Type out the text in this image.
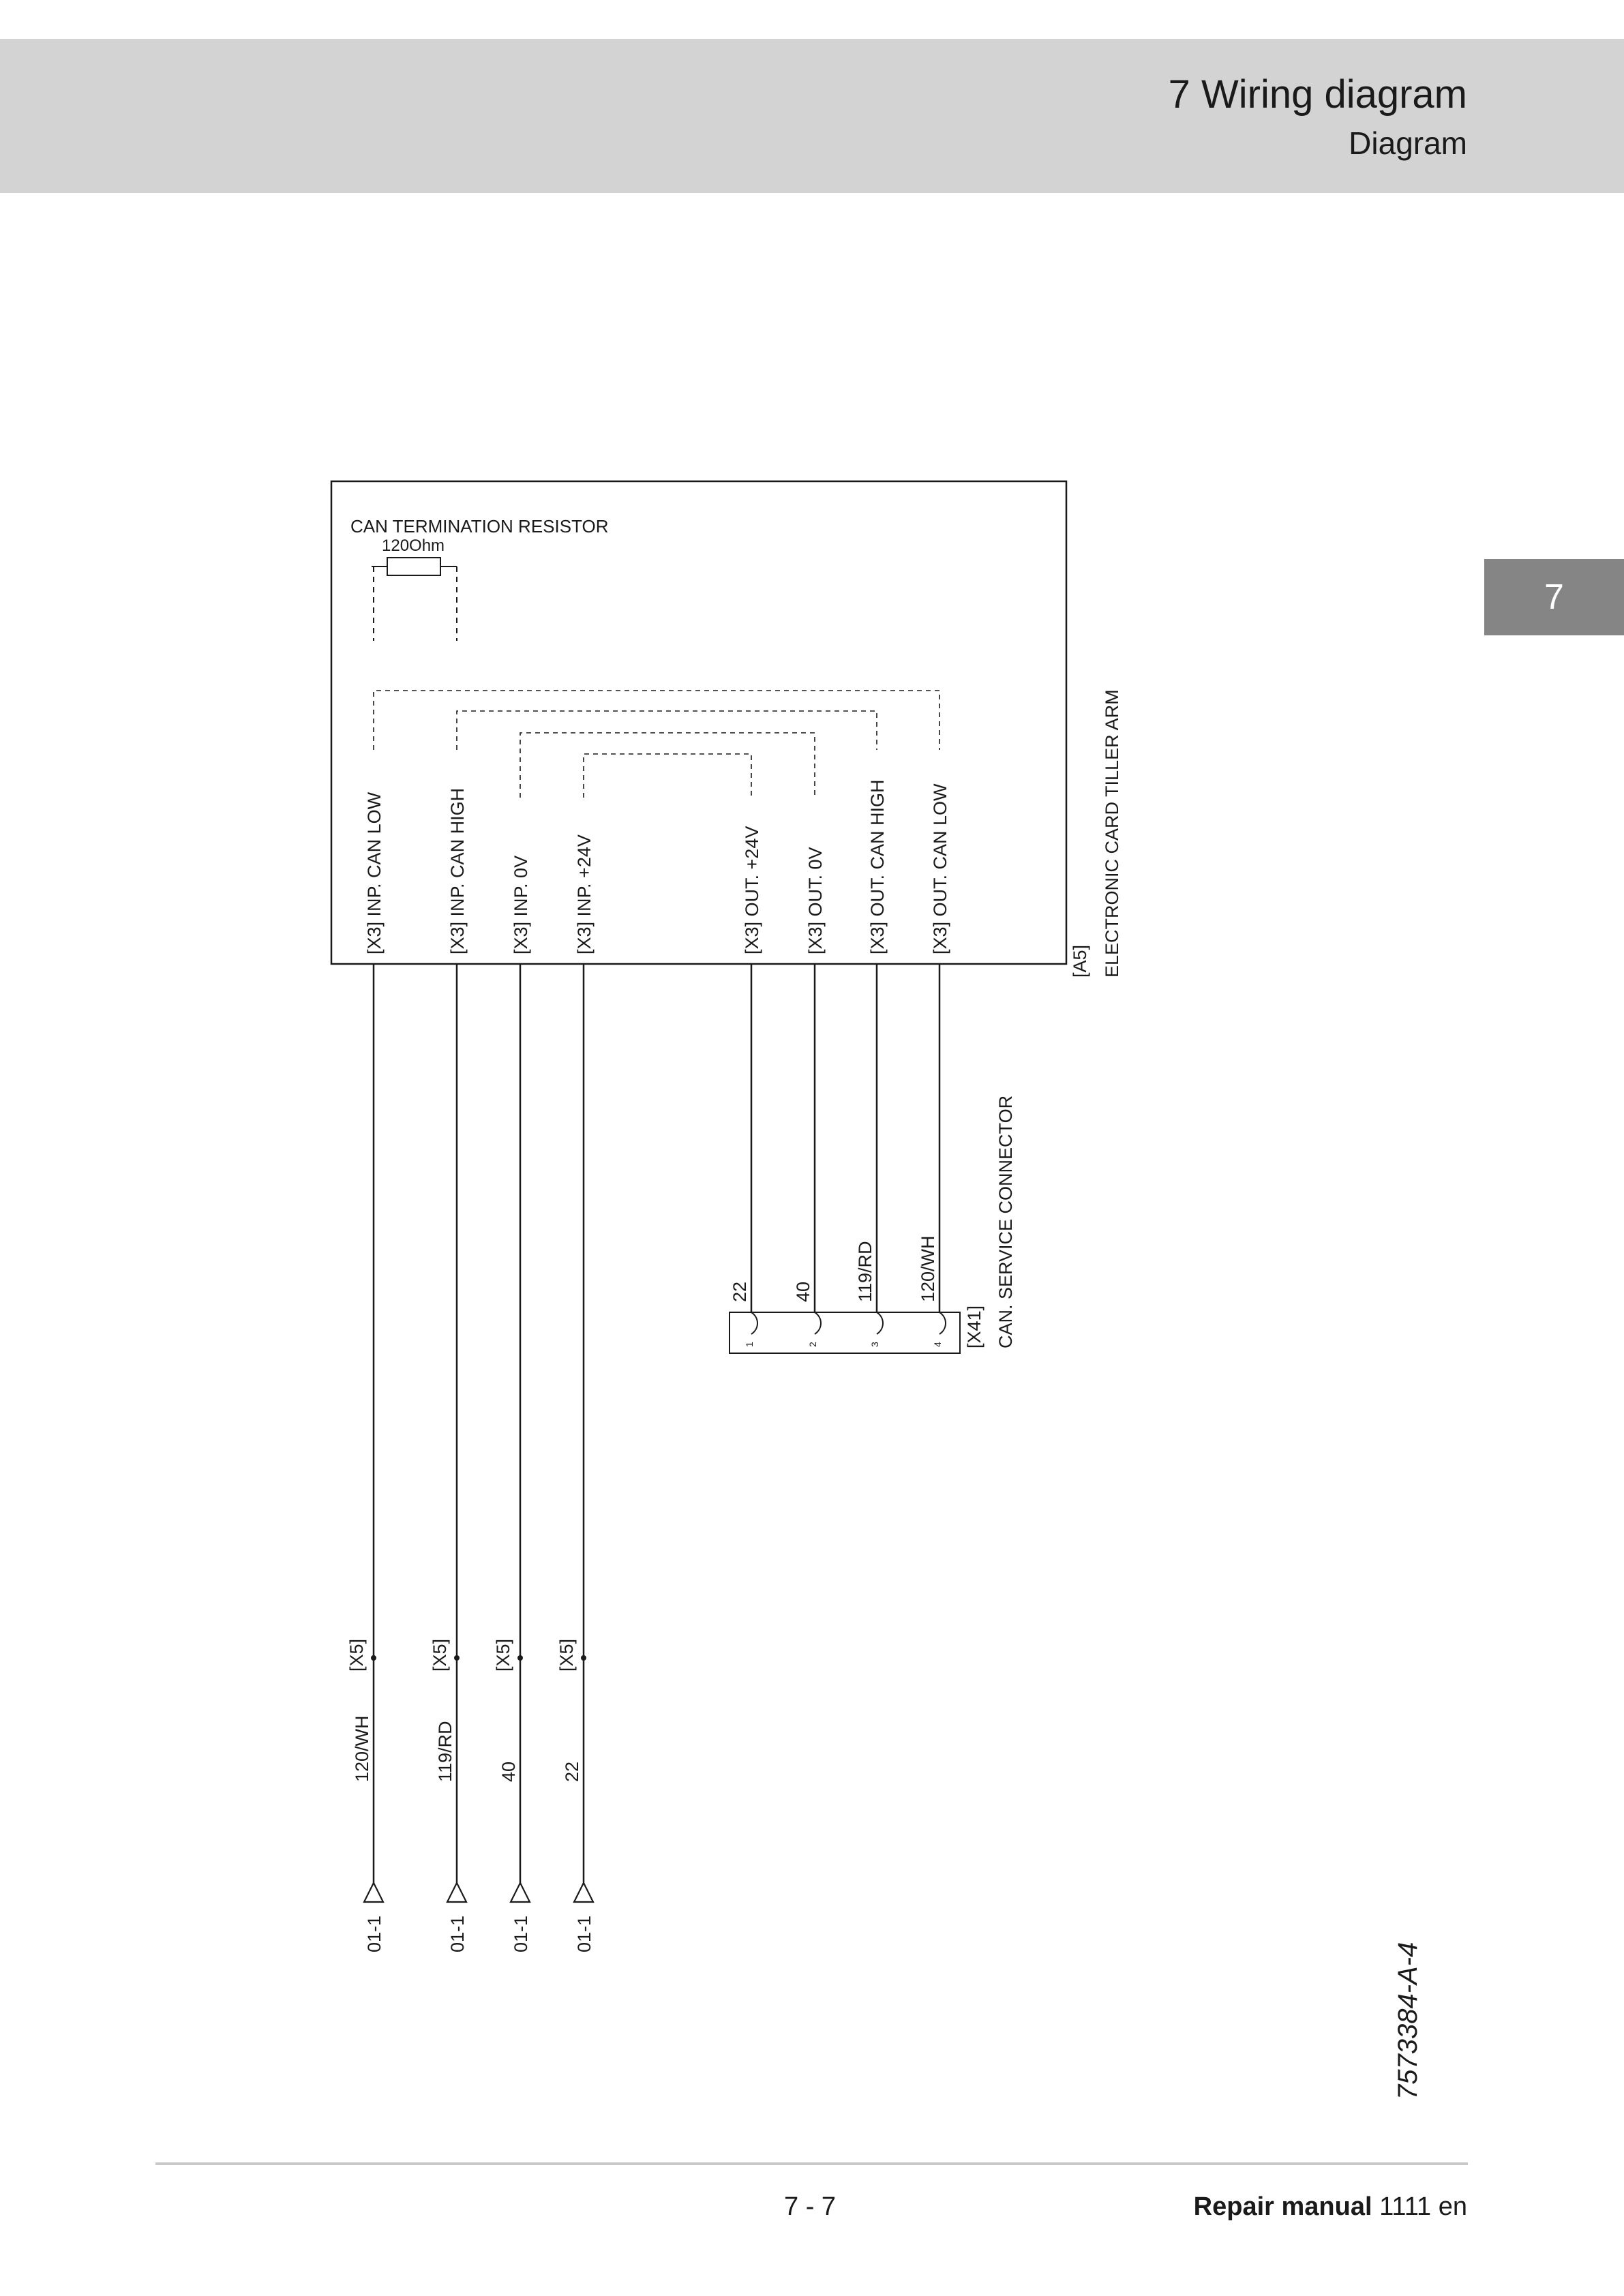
7 Wiring diagram
Diagram
7
CAN TERMINATION RESISTOR
120Ohm
[X3] INP. CAN LOW	[X3] INP. CAN HIGH [X3] INP. 0V [X3] INP. +24V	[X3] OUT. +24V [X3] OUT. 0V [X3] OUT. CAN HIGH [X3] OUT. CAN LOW
[A5] ELECTRONIC CARD TILLER ARM
[X5]	[X5] [X5] [X5]
120/WH	119/RD 40 22
01-1	01-1 01-1 01-1
22 40 119/RD 120/WH
1	2	3	4 [X41] CAN. SERVICE CONNECTOR
7573384-A-4
7 - 7	Repair manual 1111 en
